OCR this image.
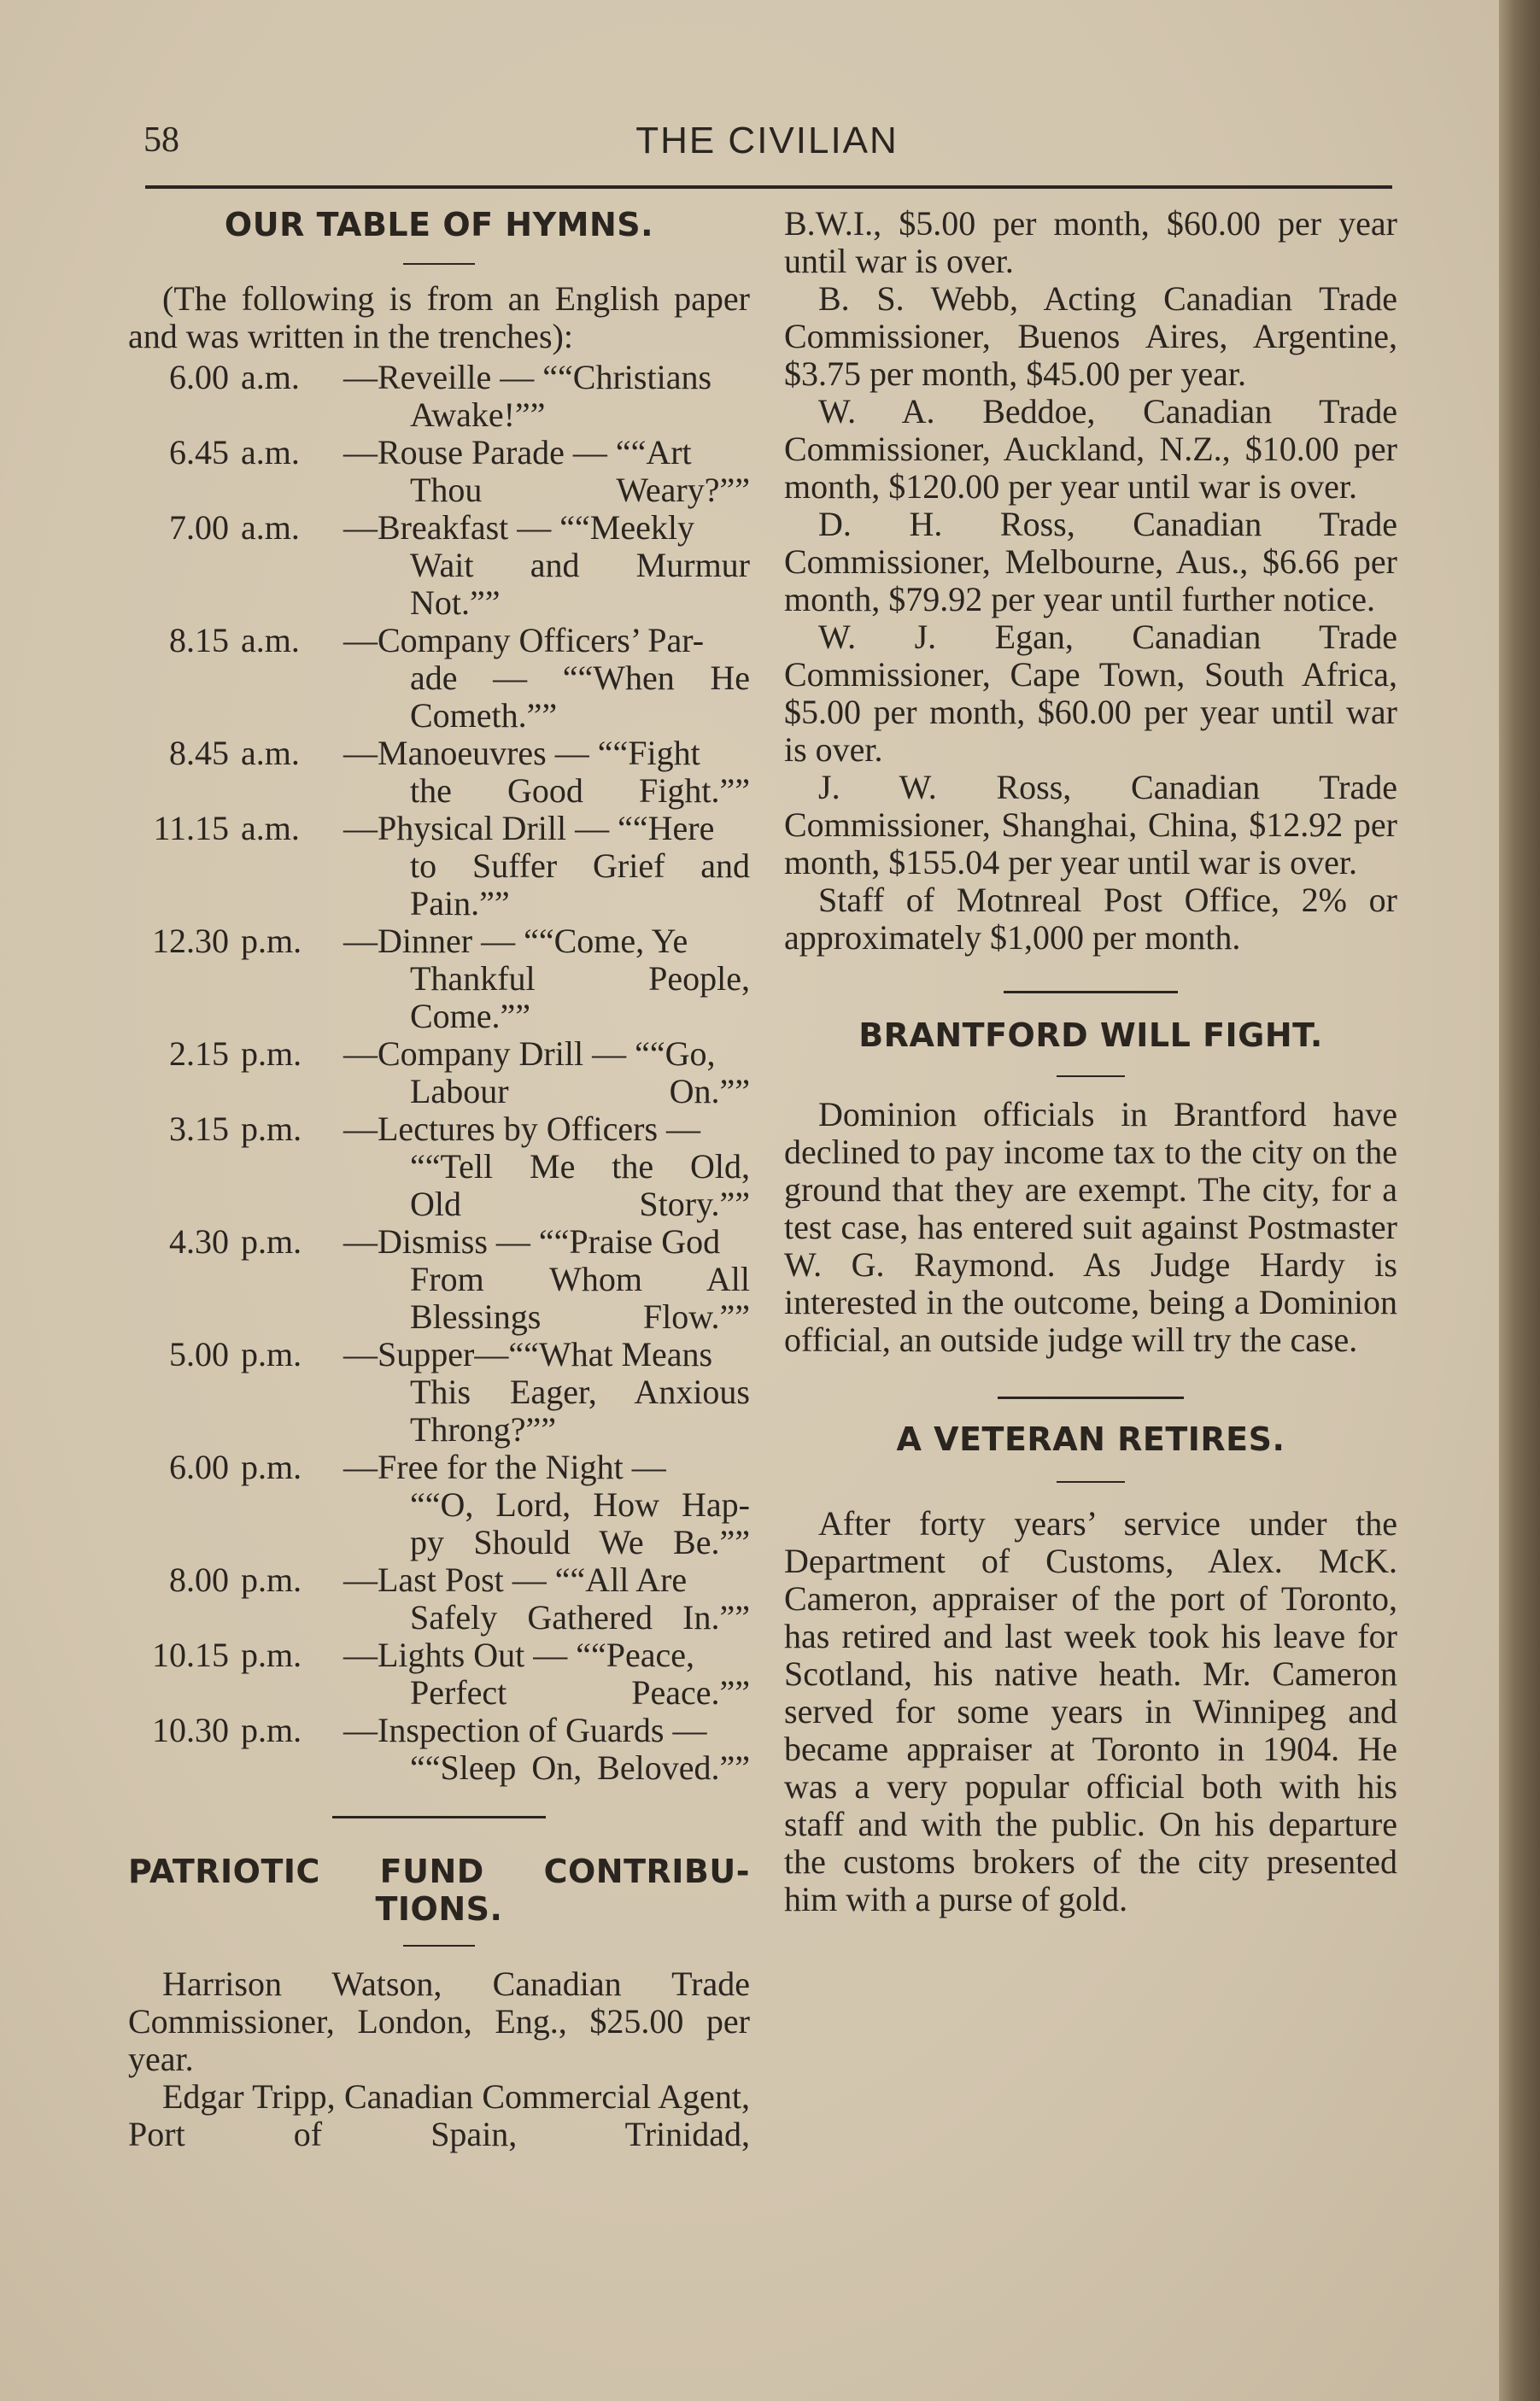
58	THE CIVILIAN
OUR TABLE OF HYMNS.

(The following is from an English paper and was written in the trenches):

6.00 a.m.	—Reveille — ““Christians
Awake!””
6.45 a.m.	—Rouse Parade — ““Art
Thou Weary?””
7.00 a.m.	—Breakfast — ““Meekly
Wait and Murmur
Not.””
8.15 a.m.	—Company Officers’ Par-
ade — ““When He
Cometh.””
8.45 a.m.	—Manoeuvres — ““Fight
the Good Fight.””
11.15 a.m.	—Physical Drill — ““Here
to Suffer Grief and
Pain.””
12.30 p.m.	—Dinner — ““Come, Ye
Thankful People,
Come.””
2.15 p.m.	—Company Drill — ““Go,
Labour On.””
3.15 p.m.	—Lectures by Officers —
““Tell Me the Old,
Old Story.””
4.30 p.m.	—Dismiss — ““Praise God
From Whom All
Blessings Flow.””
5.00 p.m.	—Supper—““What Means
This Eager, Anxious
Throng?””
6.00 p.m.	—Free for the Night —
““O, Lord, How Hap-
py Should We Be.””
8.00 p.m.	—Last Post — ““All Are
Safely Gathered In.””
10.15 p.m.	—Lights Out — ““Peace,
Perfect Peace.””
10.30 p.m.	—Inspection of Guards —
““Sleep On, Beloved.””
PATRIOTIC FUND CONTRIBU-
TIONS.

Harrison Watson, Canadian Trade Commissioner, London, Eng., $25.00 per year.

Edgar Tripp, Canadian Commercial Agent, Port of Spain, Trinidad,

B.W.I., $5.00 per month, $60.00 per year until war is over.

B. S. Webb, Acting Canadian Trade Commissioner, Buenos Aires, Argentine, $3.75 per month, $45.00 per year.

W. A. Beddoe, Canadian Trade Commissioner, Auckland, N.Z., $10.00 per month, $120.00 per year until war is over.

D. H. Ross, Canadian Trade Commissioner, Melbourne, Aus., $6.66 per month, $79.92 per year until further notice.

W. J. Egan, Canadian Trade Commissioner, Cape Town, South Africa, $5.00 per month, $60.00 per year until war is over.

J. W. Ross, Canadian Trade Commissioner, Shanghai, China, $12.92 per month, $155.04 per year until war is over.

Staff of Motnreal Post Office, 2% or approximately $1,000 per month.

BRANTFORD WILL FIGHT.

Dominion officials in Brantford have declined to pay income tax to the city on the ground that they are exempt. The city, for a test case, has entered suit against Postmaster W. G. Raymond. As Judge Hardy is interested in the outcome, being a Dominion official, an outside judge will try the case.

A VETERAN RETIRES.

After forty years’ service under the Department of Customs, Alex. McK. Cameron, appraiser of the port of Toronto, has retired and last week took his leave for Scotland, his native heath. Mr. Cameron served for some years in Winnipeg and became appraiser at Toronto in 1904. He was a very popular official both with his staff and with the public. On his departure the customs brokers of the city presented him with a purse of gold.
